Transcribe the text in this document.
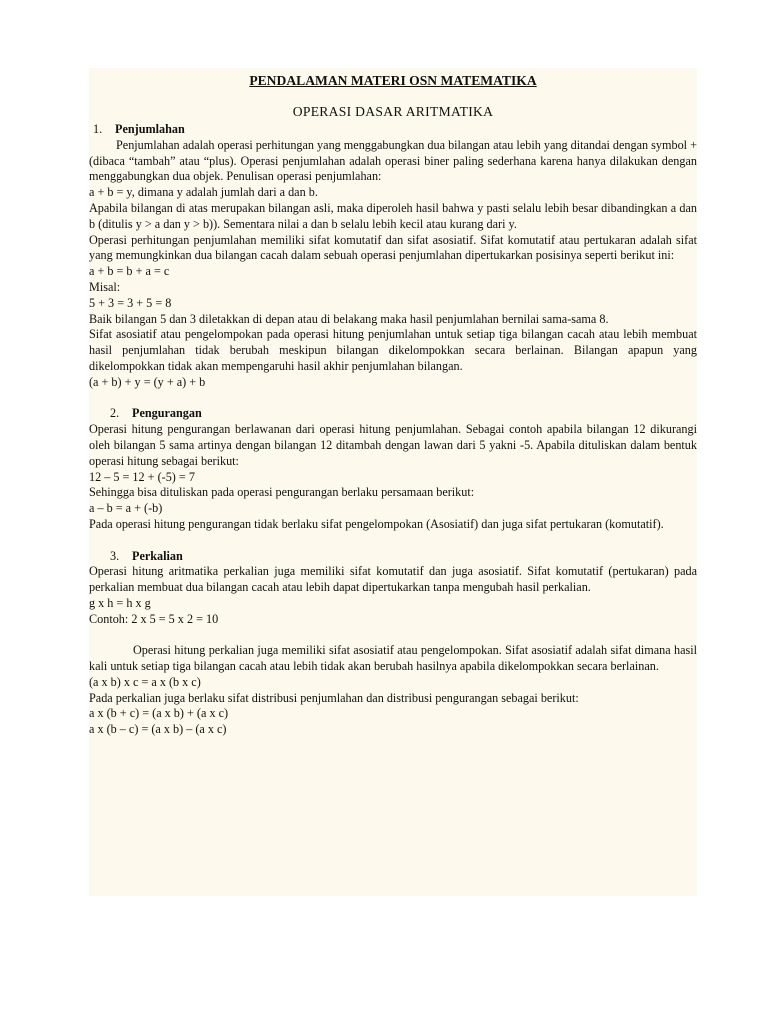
PENDALAMAN MATERI OSN MATEMATIKA
OPERASI DASAR ARITMATIKA
1. Penjumlahan

Penjumlahan adalah operasi perhitungan yang menggabungkan dua bilangan atau lebih yang ditandai dengan symbol + (dibaca “tambah” atau “plus). Operasi penjumlahan adalah operasi biner paling sederhana karena hanya dilakukan dengan menggabungkan dua objek. Penulisan operasi penjumlahan:

a + b = y, dimana y adalah jumlah dari a dan b.

Apabila bilangan di atas merupakan bilangan asli, maka diperoleh hasil bahwa y pasti selalu lebih besar dibandingkan a dan b (ditulis y > a dan y > b)). Sementara nilai a dan b selalu lebih kecil atau kurang dari y.

Operasi perhitungan penjumlahan memiliki sifat komutatif dan sifat asosiatif. Sifat komutatif atau pertukaran adalah sifat yang memungkinkan dua bilangan cacah dalam sebuah operasi penjumlahan dipertukarkan posisinya seperti berikut ini:

a + b = b + a = c
Misal:
5 + 3 = 3 + 5 = 8

Baik bilangan 5 dan 3 diletakkan di depan atau di belakang maka hasil penjumlahan bernilai sama-sama 8.

Sifat asosiatif atau pengelompokan pada operasi hitung penjumlahan untuk setiap tiga bilangan cacah atau lebih membuat hasil penjumlahan tidak berubah meskipun bilangan dikelompokkan secara berlainan. Bilangan apapun yang dikelompokkan tidak akan mempengaruhi hasil akhir penjumlahan bilangan.

(a + b) + y = (y + a) + b
2. Pengurangan

Operasi hitung pengurangan berlawanan dari operasi hitung penjumlahan. Sebagai contoh apabila bilangan 12 dikurangi oleh bilangan 5 sama artinya dengan bilangan 12 ditambah dengan lawan dari 5 yakni -5. Apabila dituliskan dalam bentuk operasi hitung sebagai berikut:

12 – 5 = 12 + (-5) = 7
Sehingga bisa dituliskan pada operasi pengurangan berlaku persamaan berikut:
a – b = a + (-b)

Pada operasi hitung pengurangan tidak berlaku sifat pengelompokan (Asosiatif) dan juga sifat pertukaran (komutatif).

3. Perkalian

Operasi hitung aritmatika perkalian juga memiliki sifat komutatif dan juga asosiatif. Sifat komutatif (pertukaran) pada perkalian membuat dua bilangan cacah atau lebih dapat dipertukarkan tanpa mengubah hasil perkalian.

g x h = h x g
Contoh: 2 x 5 = 5 x 2 = 10

Operasi hitung perkalian juga memiliki sifat asosiatif atau pengelompokan. Sifat asosiatif adalah sifat dimana hasil kali untuk setiap tiga bilangan cacah atau lebih tidak akan berubah hasilnya apabila dikelompokkan secara berlainan.

(a x b) x c = a x (b x c)
Pada perkalian juga berlaku sifat distribusi penjumlahan dan distribusi pengurangan sebagai berikut:
a x (b + c) = (a x b) + (a x c)
a x (b – c) = (a x b) – (a x c)
